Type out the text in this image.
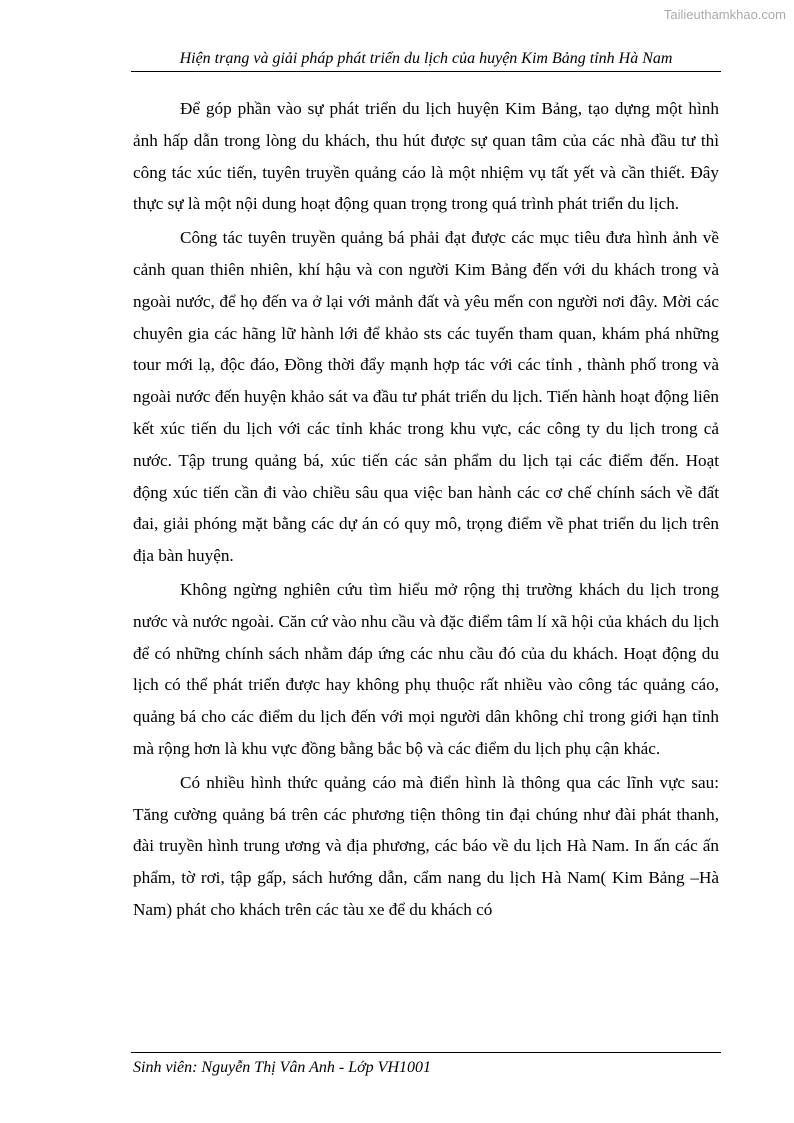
Tailieuthamkhao.com
Hiện trạng và giải pháp phát triển du lịch của huyện Kim Bảng tỉnh Hà Nam

Để góp phần vào sự phát triển du lịch huyện Kim Bảng, tạo dựng một hình ảnh hấp dẫn trong lòng du khách, thu hút được sự quan tâm của các nhà đầu tư thì công tác xúc tiến, tuyên truyền quảng cáo là một nhiệm vụ tất yết và cần thiết. Đây thực sự là một nội dung hoạt động quan trọng trong quá trình phát triển du lịch.

Công tác tuyên truyền quảng bá phải đạt được các mục tiêu đưa hình ảnh về cảnh quan thiên nhiên, khí hậu và con người Kim Bảng đến với du khách trong và ngoài nước, để họ đến va ở lại với mảnh đất và yêu mến con người nơi đây. Mời các chuyên gia các hãng lữ hành lới để khảo sts các tuyến tham quan, khám phá những tour mới lạ, độc đáo, Đồng thời đẩy mạnh hợp tác với các tỉnh , thành phố trong và ngoài nước đến huyện khảo sát va đầu tư phát triển du lịch. Tiến hành hoạt động liên kết xúc tiến du lịch với các tỉnh khác trong khu vực, các công ty du lịch trong cả nước. Tập trung quảng bá, xúc tiến các sản phẩm du lịch tại các điểm đến. Hoạt động xúc tiến cần đi vào chiều sâu qua việc ban hành các cơ chế chính sách về đất đai, giải phóng mặt bằng các dự án có quy mô, trọng điểm về phat triển du lịch trên địa bàn huyện.

Không ngừng nghiên cứu tìm hiểu mở rộng thị trường khách du lịch trong nước và nước ngoài. Căn cứ vào nhu cầu và đặc điểm tâm lí xã hội của khách du lịch để có những chính sách nhằm đáp ứng các nhu cầu đó của du khách. Hoạt động du lịch có thể phát triển được hay không phụ thuộc rất nhiều vào công tác quảng cáo, quảng bá cho các điểm du lịch đến với mọi người dân không chỉ trong giới hạn tỉnh mà rộng hơn là khu vực đồng bằng bắc bộ và các điểm du lịch phụ cận khác.

Có nhiều hình thức quảng cáo mà điển hình là thông qua các lĩnh vực sau: Tăng cường quảng bá trên các phương tiện thông tin đại chúng như đài phát thanh, đài truyền hình trung ương và địa phương, các báo về du lịch Hà Nam. In ấn các ấn phẩm, tờ rơi, tập gấp, sách hướng dẫn, cẩm nang du lịch Hà Nam( Kim Bảng –Hà Nam) phát cho khách trên các tàu xe để du khách có

Sinh viên: Nguyễn Thị Vân Anh - Lớp VH1001
